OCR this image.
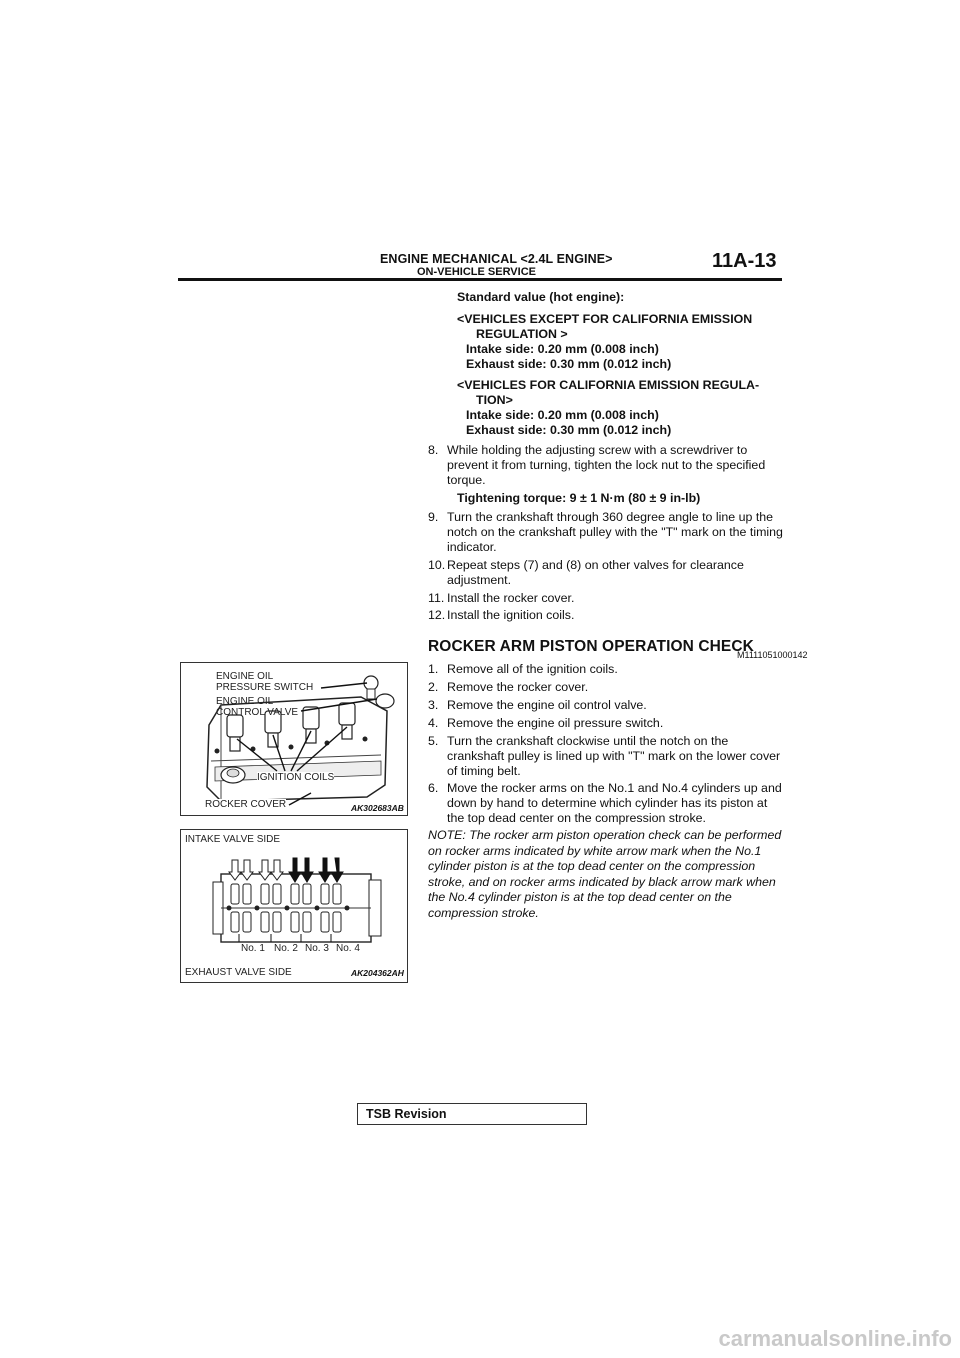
ENGINE MECHANICAL <2.4L ENGINE>
ON-VEHICLE SERVICE	11A-13
Standard value (hot engine):
<VEHICLES EXCEPT FOR CALIFORNIA EMISSION
REGULATION >
Intake side: 0.20 mm (0.008 inch)
Exhaust side: 0.30 mm (0.012 inch)
<VEHICLES FOR CALIFORNIA EMISSION REGULA-
TION>
Intake side: 0.20 mm (0.008 inch)
Exhaust side: 0.30 mm (0.012 inch)
8. While holding the adjusting screw with a screwdriver to prevent it from turning, tighten the lock nut to the specified torque.
Tightening torque: 9 ± 1 N·m (80 ± 9 in-lb)
9. Turn the crankshaft through 360 degree angle to line up the notch on the crankshaft pulley with the "T" mark on the timing indicator.
10. Repeat steps (7) and (8) on other valves for clearance adjustment.
11. Install the rocker cover.
12. Install the ignition coils.
ROCKER ARM PISTON OPERATION CHECK
M1111051000142
1. Remove all of the ignition coils.
2. Remove the rocker cover.
3. Remove the engine oil control valve.
4. Remove the engine oil pressure switch.
5. Turn the crankshaft clockwise until the notch on the crankshaft pulley is lined up with "T" mark on the lower cover of timing belt.
6. Move the rocker arms on the No.1 and No.4 cylinders up and down by hand to determine which cylinder has its piston at the top dead center on the compression stroke.
NOTE: The rocker arm piston operation check can be performed on rocker arms indicated by white arrow mark when the No.1 cylinder piston is at the top dead center on the compression stroke, and on rocker arms indicated by black arrow mark when the No.4 cylinder piston is at the top dead center on the compression stroke.
ENGINE OIL
PRESSURE SWITCH
ENGINE OIL
CONTROL VALVE
IGNITION COILS
ROCKER COVER	AK302683AB
INTAKE VALVE SIDE
No. 1 No. 2 No. 3 No. 4
EXHAUST VALVE SIDE	AK204362AH
TSB Revision
carmanualsonline.info
